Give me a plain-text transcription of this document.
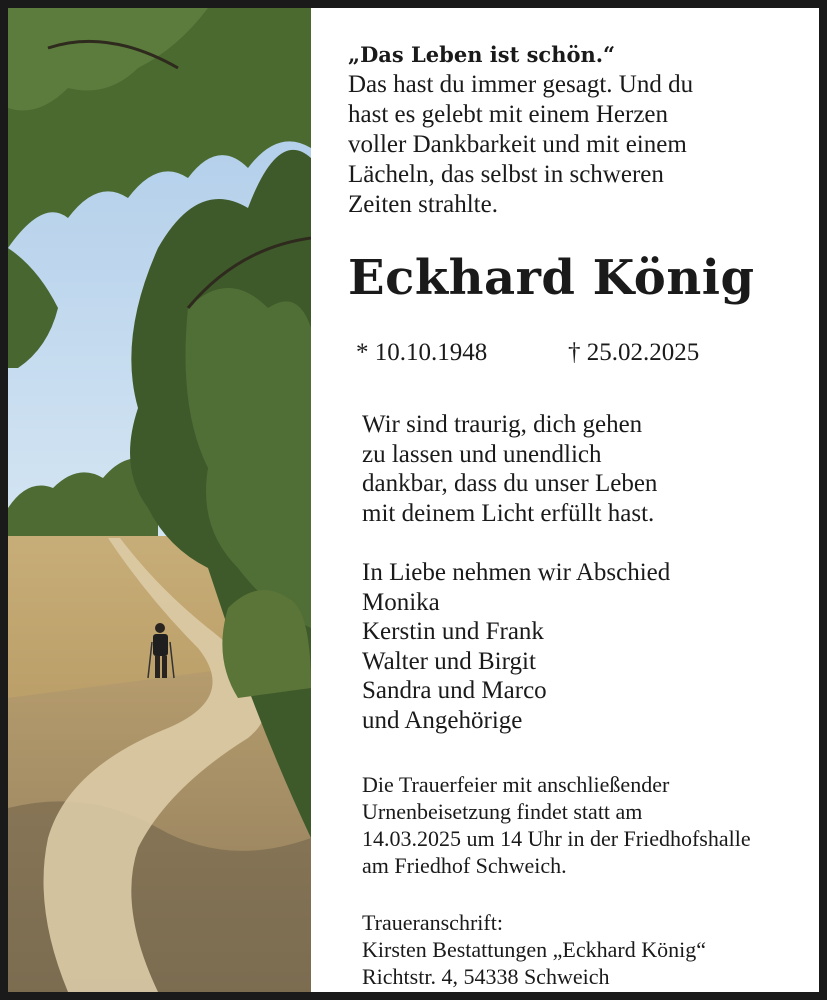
„Das Leben ist schön.“

Das hast du immer gesagt. Und du

hast es gelebt mit einem Herzen

voller Dankbarkeit und mit einem

Lächeln, das selbst in schweren

Zeiten strahlte.

Eckhard König
* 10.10.1948	† 25.02.2025

Wir sind traurig, dich gehen

zu lassen und unendlich

dankbar, dass du unser Leben

mit deinem Licht erfüllt hast.

In Liebe nehmen wir Abschied

Monika

Kerstin und Frank

Walter und Birgit

Sandra und Marco

und Angehörige

Die Trauerfeier mit anschließender

Urnenbeisetzung findet statt am

14.03.2025 um 14 Uhr in der Friedhofshalle

am Friedhof Schweich.

Traueranschrift:

Kirsten Bestattungen „Eckhard König“

Richtstr. 4, 54338 Schweich
